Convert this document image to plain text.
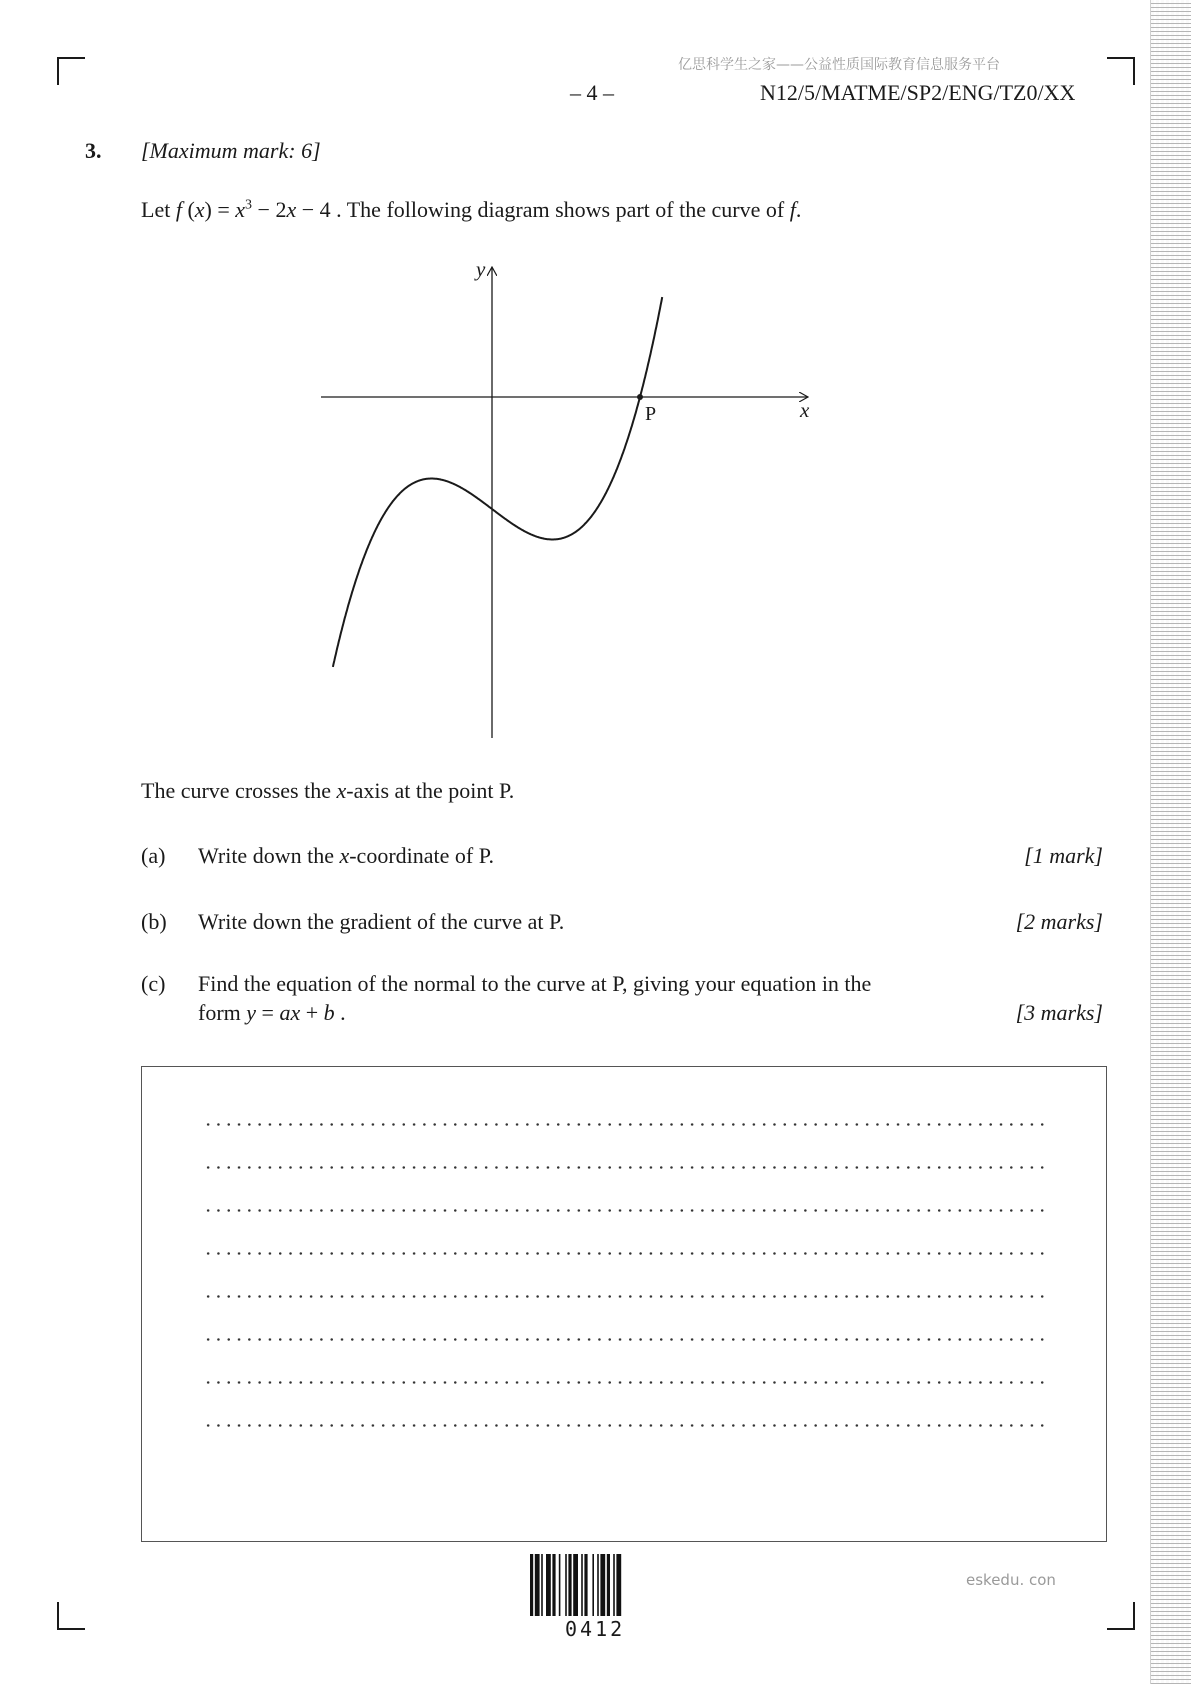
亿思科学生之家——公益性质国际教育信息服务平台
– 4 –	N12/5/MATME/SP2/ENG/TZ0/XX
3. [Maximum mark: 6]
Let f $(x) = x^3 - 2x - 4$ . The following diagram shows part of the curve of f.
y
x
P
The curve crosses the x-axis at the point P.
(a) Write down the x-coordinate of P.	[1 mark]
(b) Write down the gradient of the curve at P.	[2 marks]
(c) Find the equation of the normal to the curve at P, giving your equation in the
form y = ax + b .	[3 marks]
0412
eskedu. con
